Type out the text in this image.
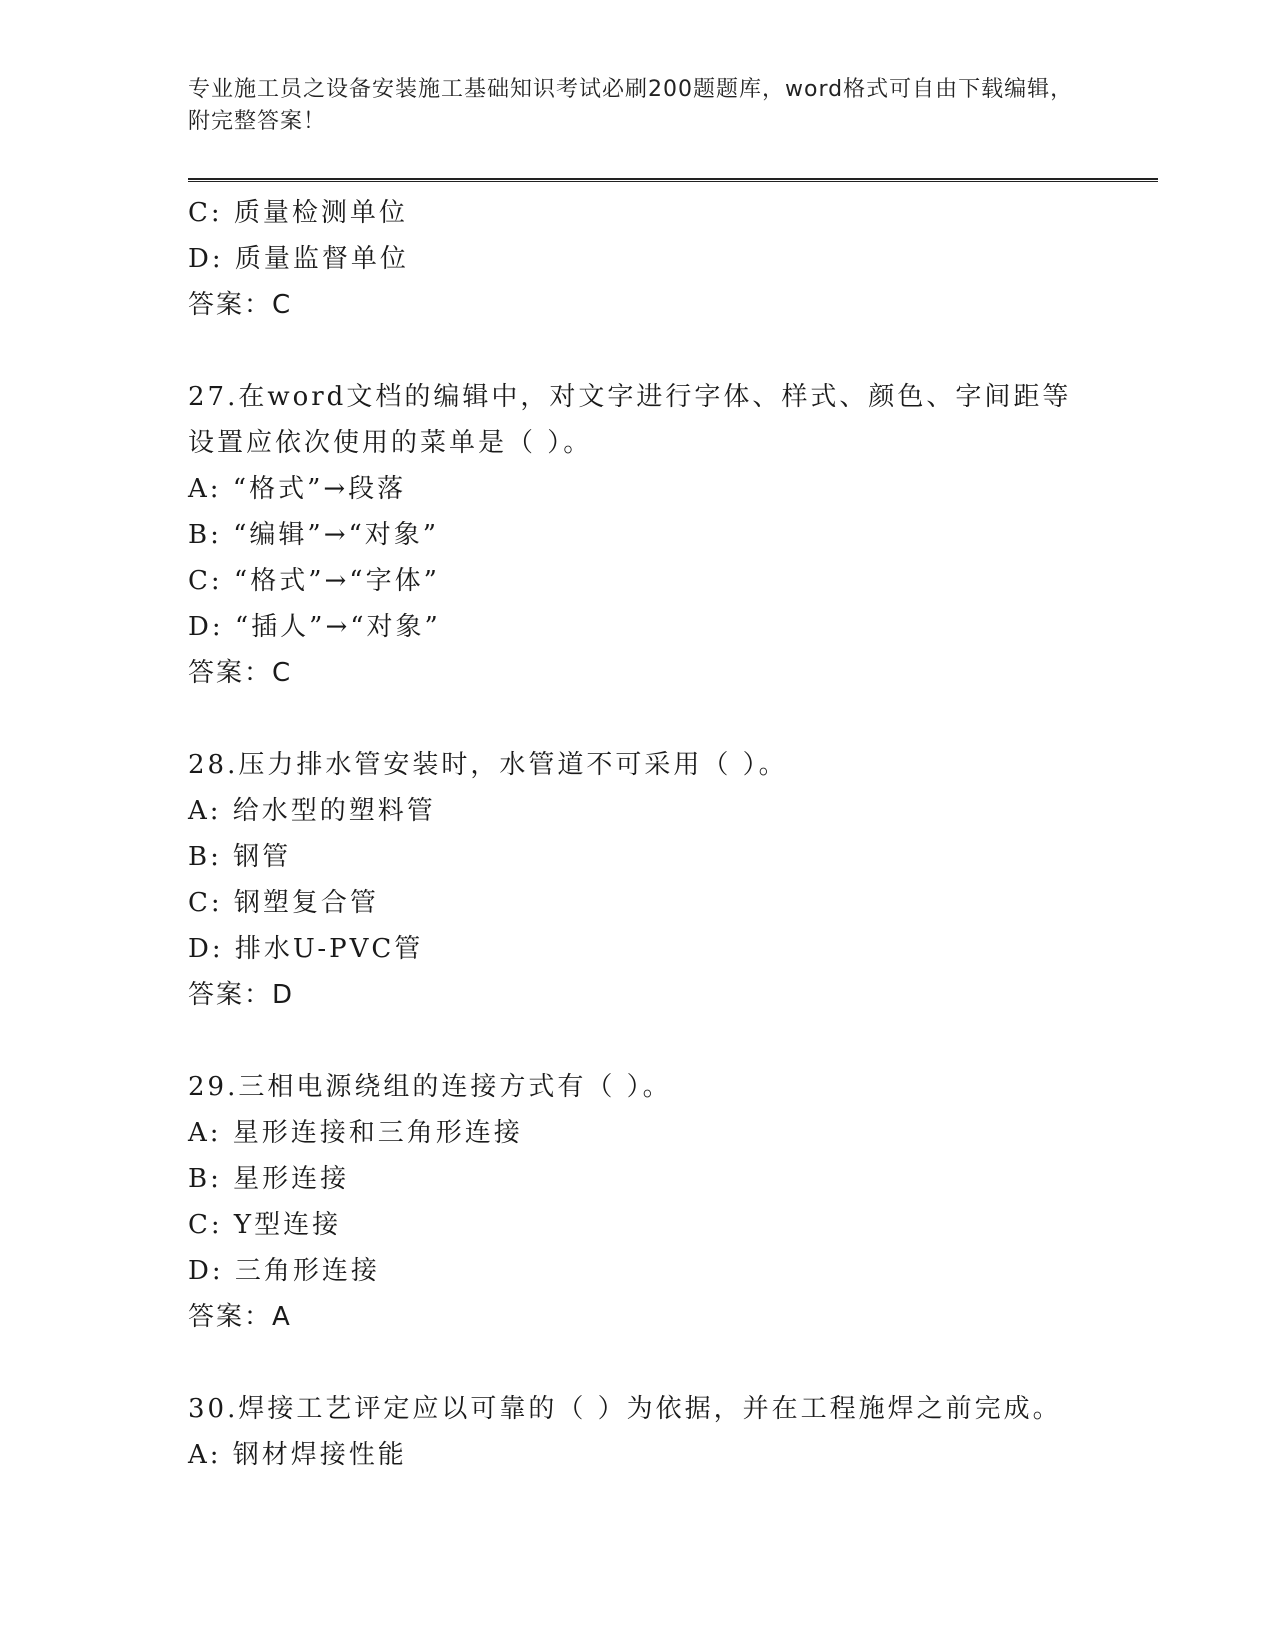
专业施工员之设备安装施工基础知识考试必刷200题题库，word格式可自由下载编辑，附完整答案！
C: 质量检测单位
D: 质量监督单位
答案：C
27.在word文档的编辑中，对文字进行字体、样式、颜色、字间距等
设置应依次使用的菜单是（ ）。
A: “格式”→段落
B: “编辑”→“对象”
C: “格式”→“字体”
D: “插人”→“对象”
答案：C
28.压力排水管安装时，水管道不可采用（ ）。
A: 给水型的塑料管
B: 钢管
C: 钢塑复合管
D: 排水U-PVC管
答案：D
29.三相电源绕组的连接方式有（ ）。
A: 星形连接和三角形连接
B: 星形连接
C: Y型连接
D: 三角形连接
答案：A
30.焊接工艺评定应以可靠的（ ）为依据，并在工程施焊之前完成。
A: 钢材焊接性能
